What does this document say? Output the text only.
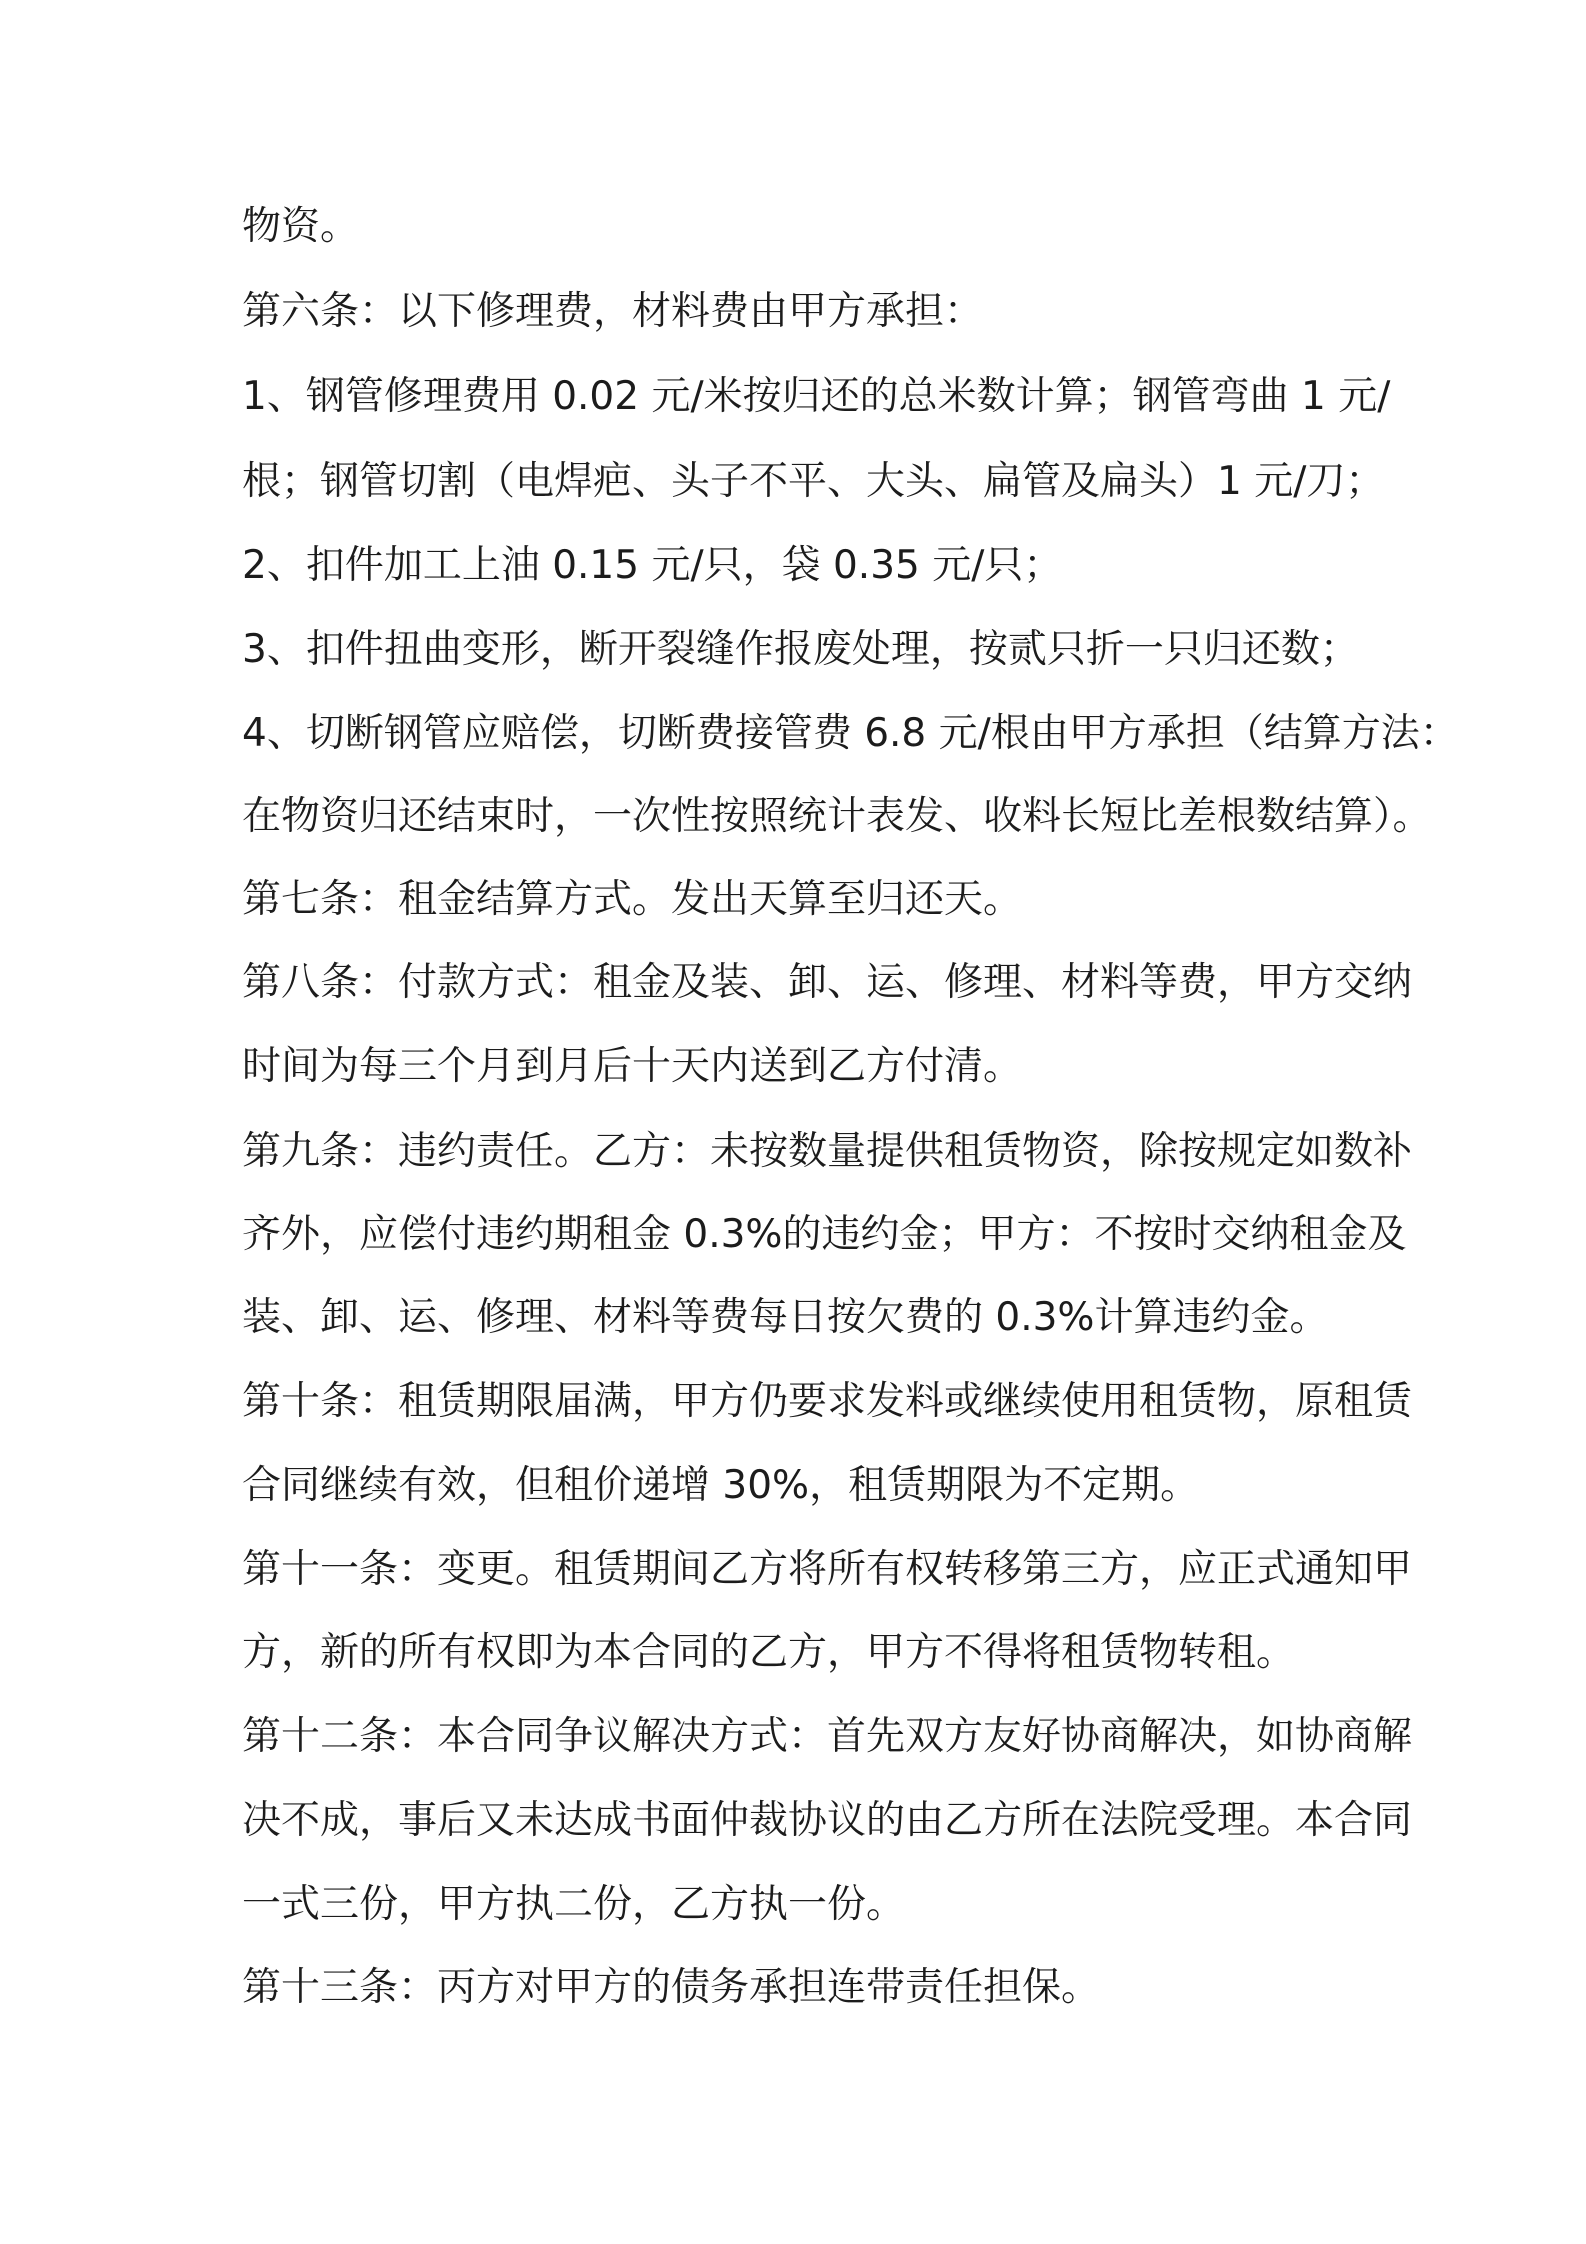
物资。

第六条：以下修理费，材料费由甲方承担：

1、钢管修理费用 0.02 元/米按归还的总米数计算；钢管弯曲 1 元/

根；钢管切割（电焊疤、头子不平、大头、扁管及扁头）1 元/刀；

2、扣件加工上油 0.15 元/只，袋 0.35 元/只；

3、扣件扭曲变形，断开裂缝作报废处理，按贰只折一只归还数；

4、切断钢管应赔偿，切断费接管费 6.8 元/根由甲方承担（结算方法：

在物资归还结束时，一次性按照统计表发、收料长短比差根数结算）。

第七条：租金结算方式。发出天算至归还天。

第八条：付款方式：租金及装、卸、运、修理、材料等费，甲方交纳

时间为每三个月到月后十天内送到乙方付清。

第九条：违约责任。乙方：未按数量提供租赁物资，除按规定如数补

齐外，应偿付违约期租金 0.3%的违约金；甲方：不按时交纳租金及

装、卸、运、修理、材料等费每日按欠费的 0.3%计算违约金。

第十条：租赁期限届满，甲方仍要求发料或继续使用租赁物，原租赁

合同继续有效，但租价递增 30%，租赁期限为不定期。

第十一条：变更。租赁期间乙方将所有权转移第三方，应正式通知甲

方，新的所有权即为本合同的乙方，甲方不得将租赁物转租。

第十二条：本合同争议解决方式：首先双方友好协商解决，如协商解

决不成，事后又未达成书面仲裁协议的由乙方所在法院受理。本合同

一式三份，甲方执二份，乙方执一份。

第十三条：丙方对甲方的债务承担连带责任担保。
